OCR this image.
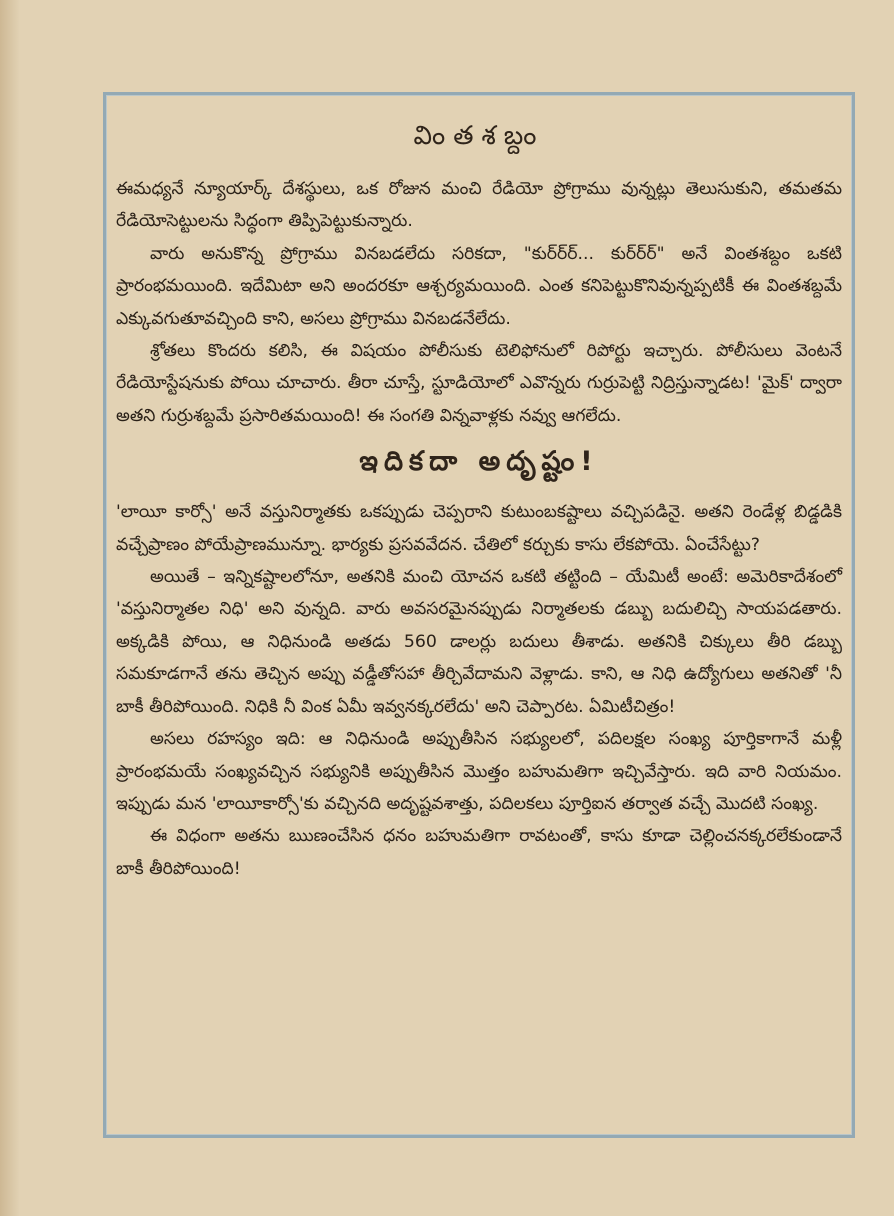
వింతశబ్దం

ఈమధ్యనే న్యూయార్క్ దేశస్థులు, ఒక రోజున మంచి రేడియో ప్రోగ్రాము వున్నట్లు తెలుసుకుని, తమతమ రేడియోసెట్టులను సిద్ధంగా తిప్పిపెట్టుకున్నారు.

వారు అనుకొన్న ప్రోగ్రాము వినబడలేదు సరికదా, "కుర్‌ర్‌ర్... కుర్‌ర్‌ర్" అనే వింతశబ్దం ఒకటి ప్రారంభమయింది. ఇదేమిటా అని అందరకూ ఆశ్చర్యమయింది. ఎంత కనిపెట్టుకొనివున్నప్పటికీ ఈ వింతశబ్దమే ఎక్కువగుతూవచ్చింది కాని, అసలు ప్రోగ్రాము వినబడనేలేదు.

శ్రోతలు కొందరు కలిసి, ఈ విషయం పోలీసుకు టెలిఫోనులో రిపోర్టు ఇచ్చారు. పోలీసులు వెంటనే రేడియోస్టేషనుకు పోయి చూచారు. తీరా చూస్తే, స్టూడియోలో ఎవొన్నరు గుర్రుపెట్టి నిద్రిస్తున్నాడట! 'మైక్' ద్వారా అతని గుర్రుశబ్దమే ప్రసారితమయింది! ఈ సంగతి విన్నవాళ్లకు నవ్వు ఆగలేదు.

ఇదికదా అదృష్టం!

'లాయీ కార్సో' అనే వస్తునిర్మాతకు ఒకప్పుడు చెప్పరాని కుటుంబకష్టాలు వచ్చిపడినై. అతని రెండేళ్ల బిడ్డడికి వచ్చేప్రాణం పోయేప్రాణమున్నూ. భార్యకు ప్రసవవేదన. చేతిలో కర్చుకు కాసు లేకపోయె. ఏంచేసేట్టు?

అయితే – ఇన్నికష్టాలలోనూ, అతనికి మంచి యోచన ఒకటి తట్టింది – యేమిటీ అంటే: అమెరికాదేశంలో 'వస్తునిర్మాతల నిధి' అని వున్నది. వారు అవసరమైనప్పుడు నిర్మాతలకు డబ్బు బదులిచ్చి సాయపడతారు. అక్కడికి పోయి, ఆ నిధినుండి అతడు 560 డాలర్లు బదులు తీశాడు. అతనికి చిక్కులు తీరి డబ్బు సమకూడగానే తను తెచ్చిన అప్పు వడ్డీతోసహా తీర్చివేదామని వెళ్లాడు. కాని, ఆ నిధి ఉద్యోగులు అతనితో 'నీ బాకీ తీరిపోయింది. నిధికి నీ వింక ఏమీ ఇవ్వనక్కరలేదు' అని చెప్పారట. ఏమిటీచిత్రం!

అసలు రహస్యం ఇది: ఆ నిధినుండి అప్పుతీసిన సభ్యులలో, పదిలక్షల సంఖ్య పూర్తికాగానే మళ్లీ ప్రారంభమయే సంఖ్యవచ్చిన సభ్యునికి అప్పుతీసిన మొత్తం బహుమతిగా ఇచ్చివేస్తారు. ఇది వారి నియమం. ఇప్పుడు మన 'లాయీకార్సో'కు వచ్చినది అదృష్టవశాత్తు, పదిలకలు పూర్తిఐన తర్వాత వచ్చే మొదటి సంఖ్య.

ఈ విధంగా అతను ఋణంచేసిన ధనం బహుమతిగా రావటంతో, కాసు కూడా చెల్లించనక్కరలేకుండానే బాకీ తీరిపోయింది!
